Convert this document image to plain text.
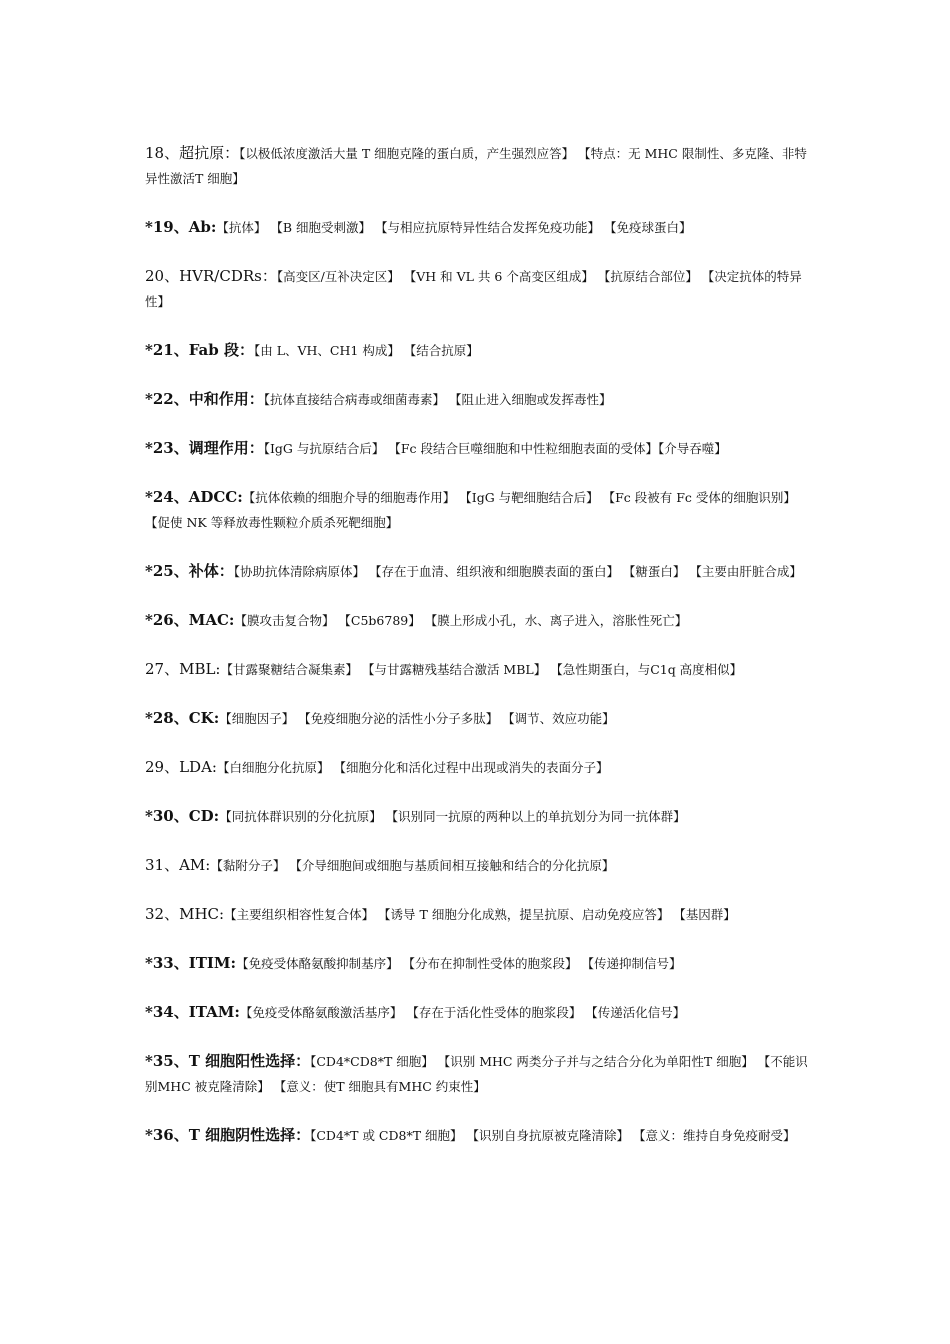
18、超抗原：【以极低浓度激活大量 T 细胞克隆的蛋白质，产生强烈应答】 【特点：无 MHC 限制性、多克隆、非特异性激活T 细胞】
*19、Ab:【抗体】 【B 细胞受刺激】 【与相应抗原特异性结合发挥免疫功能】 【免疫球蛋白】
20、HVR/CDRs：【高变区/互补决定区】 【VH 和 VL 共 6 个高变区组成】 【抗原结合部位】 【决定抗体的特异性】
*21、Fab 段：【由 L、VH、CH1 构成】 【结合抗原】
*22、中和作用：【抗体直接结合病毒或细菌毒素】 【阻止进入细胞或发挥毒性】
*23、调理作用：【IgG 与抗原结合后】 【Fc 段结合巨噬细胞和中性粒细胞表面的受体】【介导吞噬】
*24、ADCC:【抗体依赖的细胞介导的细胞毒作用】 【IgG 与靶细胞结合后】 【Fc 段被有 Fc 受体的细胞识别】 【促使 NK 等释放毒性颗粒介质杀死靶细胞】
*25、补体：【协助抗体清除病原体】 【存在于血清、组织液和细胞膜表面的蛋白】 【糖蛋白】 【主要由肝脏合成】
*26、MAC:【膜攻击复合物】 【C5b6789】 【膜上形成小孔，水、离子进入，溶胀性死亡】
27、MBL:【甘露聚糖结合凝集素】 【与甘露糖残基结合激活 MBL】 【急性期蛋白，与C1q 高度相似】
*28、CK:【细胞因子】 【免疫细胞分泌的活性小分子多肽】 【调节、效应功能】
29、LDA:【白细胞分化抗原】 【细胞分化和活化过程中出现或消失的表面分子】
*30、CD:【同抗体群识别的分化抗原】 【识别同一抗原的两种以上的单抗划分为同一抗体群】
31、AM:【黏附分子】 【介导细胞间或细胞与基质间相互接触和结合的分化抗原】
32、MHC:【主要组织相容性复合体】 【诱导 T 细胞分化成熟，提呈抗原、启动免疫应答】 【基因群】
*33、ITIM:【免疫受体酪氨酸抑制基序】 【分布在抑制性受体的胞浆段】 【传递抑制信号】
*34、ITAM:【免疫受体酪氨酸激活基序】 【存在于活化性受体的胞浆段】 【传递活化信号】
*35、T 细胞阳性选择：【CD4*CD8*T 细胞】 【识别 MHC 两类分子并与之结合分化为单阳性T 细胞】 【不能识别MHC 被克隆清除】 【意义：使T 细胞具有MHC 约束性】
*36、T 细胞阴性选择：【CD4*T 或 CD8*T 细胞】 【识别自身抗原被克隆清除】 【意义：维持自身免疫耐受】
